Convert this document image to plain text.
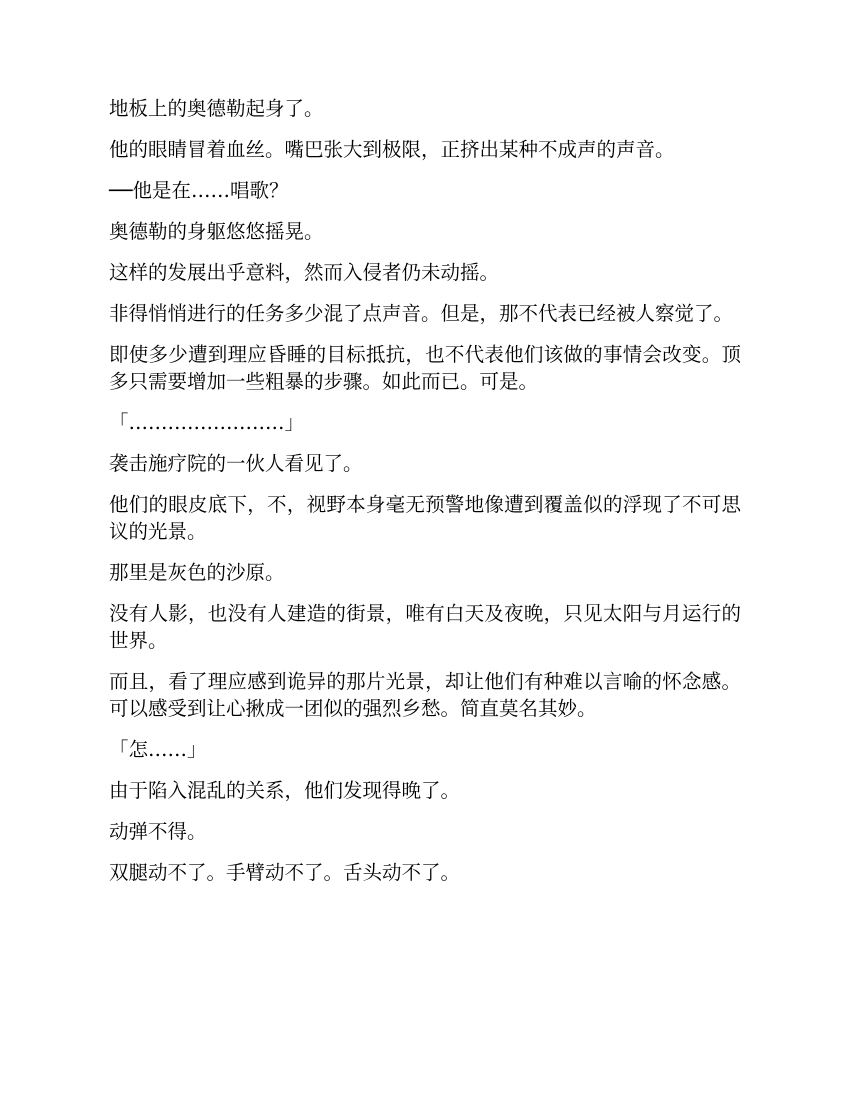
地板上的奥德勒起身了。

他的眼睛冒着血丝。嘴巴张大到极限，正挤出某种不成声的声音。

──他是在……唱歌？

奥德勒的身躯悠悠摇晃。

这样的发展出乎意料，然而入侵者仍未动摇。

非得悄悄进行的任务多少混了点声音。但是，那不代表已经被人察觉了。

即使多少遭到理应昏睡的目标抵抗，也不代表他们该做的事情会改变。顶多只需要增加一些粗暴的步骤。如此而已。可是。

「……………………」

袭击施疗院的一伙人看见了。

他们的眼皮底下，不，视野本身毫无预警地像遭到覆盖似的浮现了不可思议的光景。

那里是灰色的沙原。

没有人影，也没有人建造的街景，唯有白天及夜晚，只见太阳与月运行的世界。

而且，看了理应感到诡异的那片光景，却让他们有种难以言喻的怀念感。可以感受到让心揪成一团似的强烈乡愁。简直莫名其妙。

「怎……」

由于陷入混乱的关系，他们发现得晚了。

动弹不得。

双腿动不了。手臂动不了。舌头动不了。
